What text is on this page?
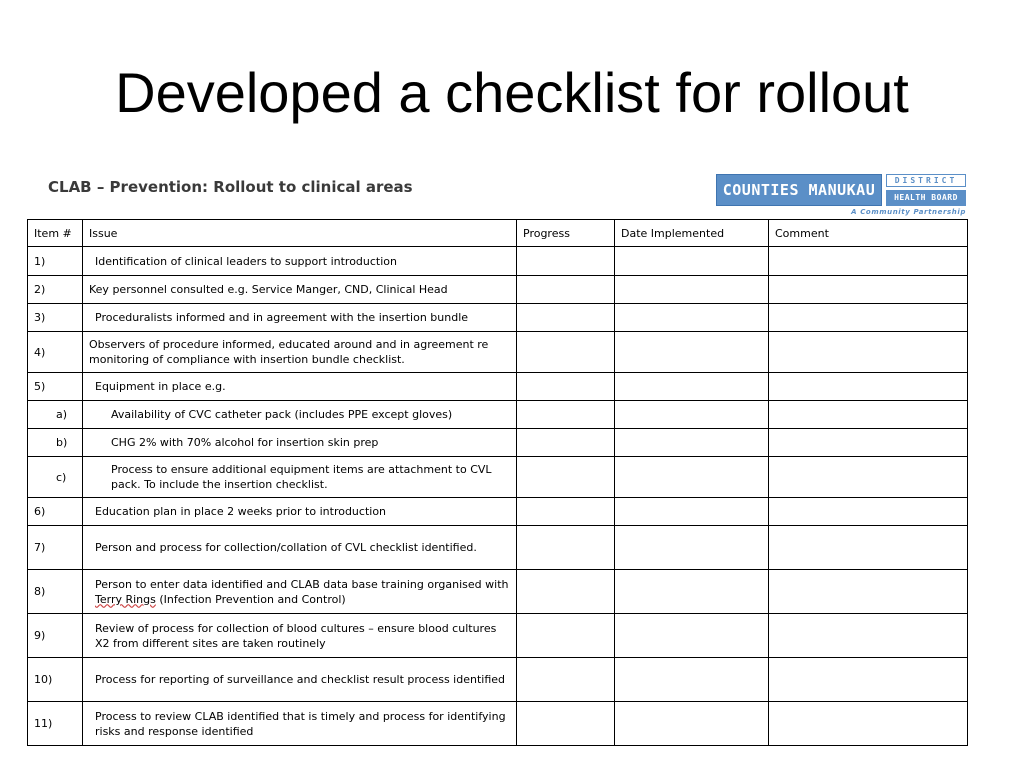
Developed a checklist for rollout
CLAB – Prevention: Rollout to clinical areas	COUNTIES MANUKAU
DISTRICT
HEALTH BOARD
A Community Partnership
Item #	Issue	Progress	Date Implemented	Comment
1)	Identification of clinical leaders to support introduction			
2)	Key personnel consulted e.g. Service Manger, CND, Clinical Head			
3)	Proceduralists informed and in agreement with the insertion bundle			
4)	Observers of procedure informed, educated around and in agreement re monitoring of compliance with insertion bundle checklist.			
5)	Equipment in place e.g.			
a)	Availability of CVC catheter pack (includes PPE except gloves)			
b)	CHG 2% with 70% alcohol for insertion skin prep			
c)	Process to ensure additional equipment items are attachment to CVL pack. To include the insertion checklist.			
6)	Education plan in place 2 weeks prior to introduction			
7)	Person and process for collection/collation of CVL checklist identified.			
8)	Person to enter data identified and CLAB data base training organised with Terry Rings (Infection Prevention and Control)			
9)	Review of process for collection of blood cultures – ensure blood cultures X2 from different sites are taken routinely			
10)	Process for reporting of surveillance and checklist result process identified			
11)	Process to review CLAB identified that is timely and process for identifying risks and response identified			
